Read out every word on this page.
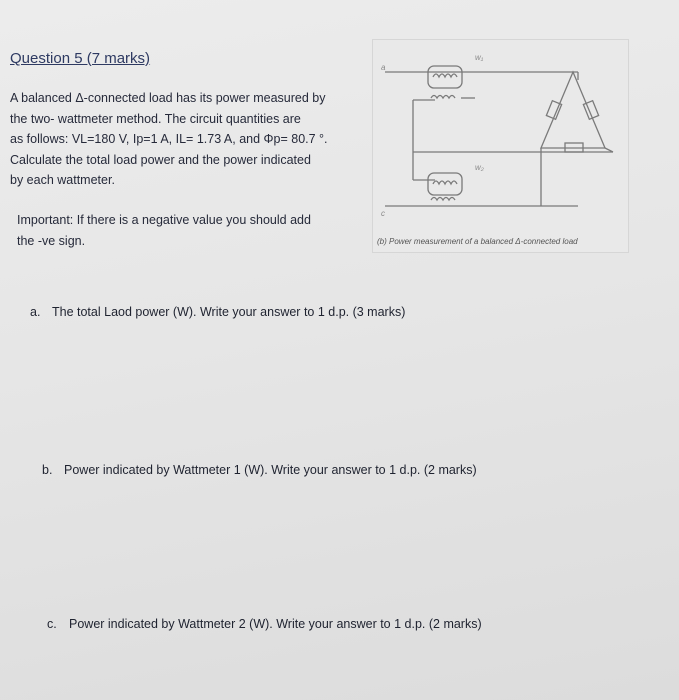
Question 5 (7 marks)

A balanced Δ-connected load has its power measured by

the two- wattmeter method. The circuit quantities are

as follows: VL=180 V, Ip=1 A, IL= 1.73 A, and Φp= 80.7 °.

Calculate the total load power and the power indicated

by each wattmeter.

Important: If there is a negative value you should add
the -ve sign.
a
c
w₁
w₂
(b) Power measurement of a balanced Δ-connected load
a. The total Laod power (W). Write your answer to 1 d.p. (3 marks)
b. Power indicated by Wattmeter 1 (W). Write your answer to 1 d.p. (2 marks)
c. Power indicated by Wattmeter 2 (W). Write your answer to 1 d.p. (2 marks)
